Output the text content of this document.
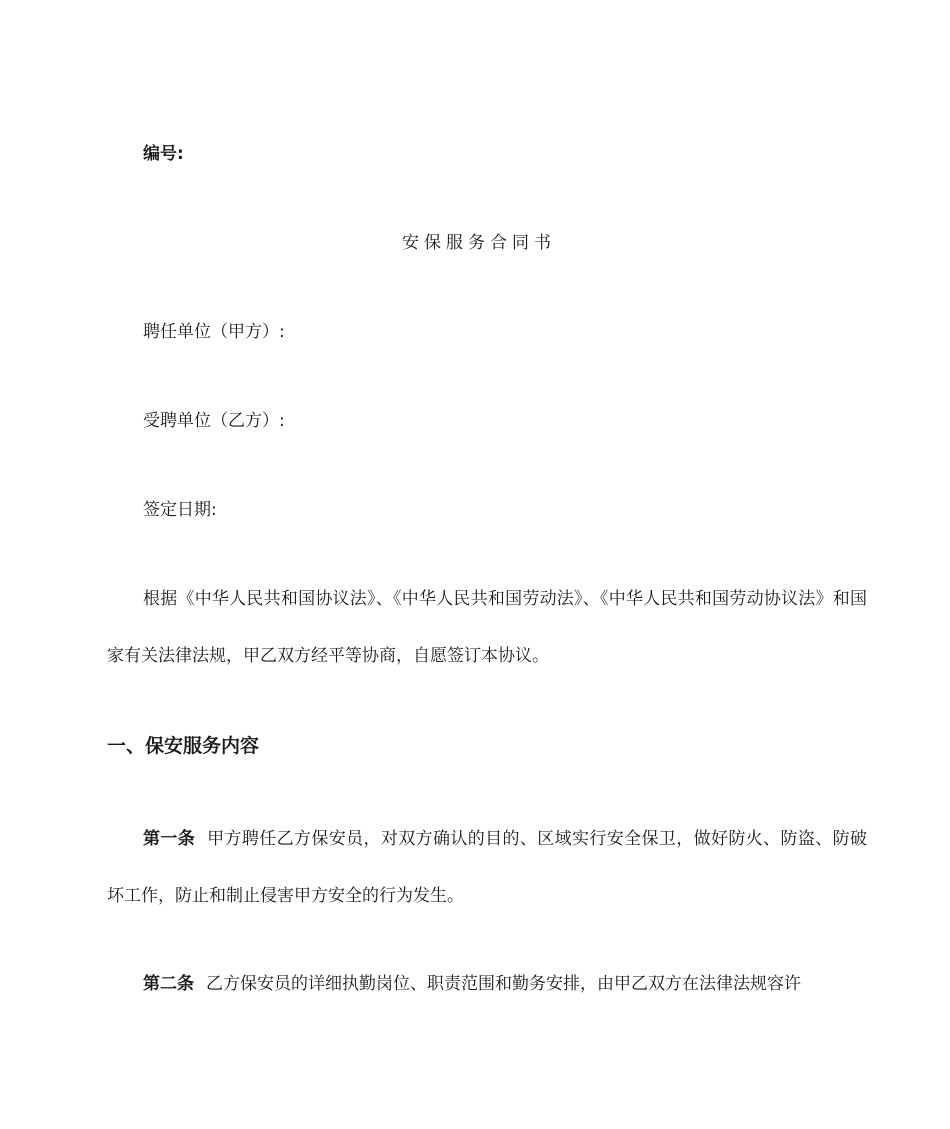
编号:
安保服务合同书
聘任单位（甲方）:
受聘单位（乙方）:
签定日期:
根据《中华人民共和国协议法》、《中华人民共和国劳动法》、《中华人民共和国劳动协议法》和国家有关法律法规，甲乙双方经平等协商，自愿签订本协议。
一、保安服务内容
第一条 甲方聘任乙方保安员，对双方确认的目的、区域实行安全保卫，做好防火、防盗、防破坏工作，防止和制止侵害甲方安全的行为发生。
第二条 乙方保安员的详细执勤岗位、职责范围和勤务安排，由甲乙双方在法律法规容许
